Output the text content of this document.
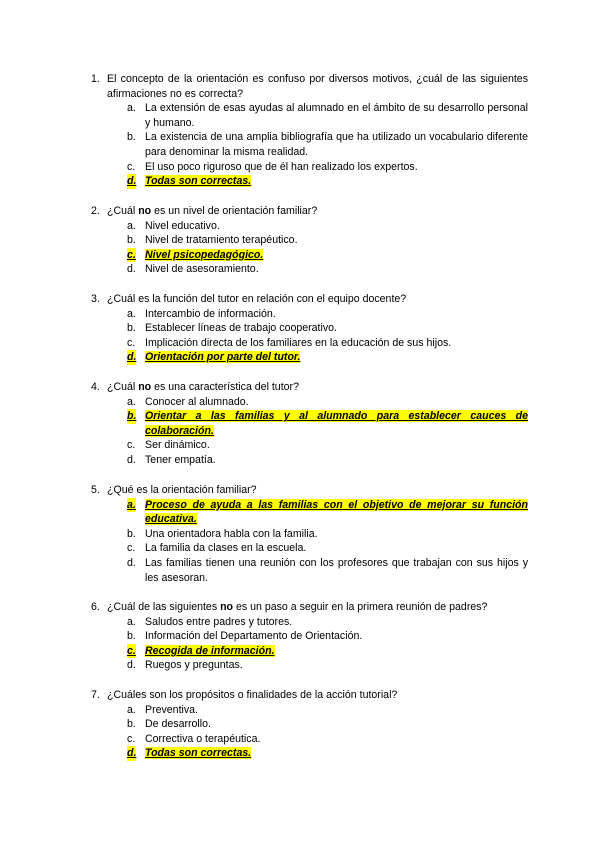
1. El concepto de la orientación es confuso por diversos motivos, ¿cuál de las siguientes afirmaciones no es correcta?
a. La extensión de esas ayudas al alumnado en el ámbito de su desarrollo personal y humano.
b. La existencia de una amplia bibliografía que ha utilizado un vocabulario diferente para denominar la misma realidad.
c. El uso poco riguroso que de él han realizado los expertos.
d. Todas son correctas.
2. ¿Cuál no es un nivel de orientación familiar?
a. Nivel educativo.
b. Nivel de tratamiento terapéutico.
c. Nivel psicopedagógico.
d. Nivel de asesoramiento.
3. ¿Cuál es la función del tutor en relación con el equipo docente?
a. Intercambio de información.
b. Establecer líneas de trabajo cooperativo.
c. Implicación directa de los familiares en la educación de sus hijos.
d. Orientación por parte del tutor.
4. ¿Cuál no es una característica del tutor?
a. Conocer al alumnado.
b. Orientar a las familias y al alumnado para establecer cauces de colaboración.
c. Ser dinámico.
d. Tener empatía.
5. ¿Qué es la orientación familiar?
a. Proceso de ayuda a las familias con el objetivo de mejorar su función educativa.
b. Una orientadora habla con la familia.
c. La familia da clases en la escuela.
d. Las familias tienen una reunión con los profesores que trabajan con sus hijos y les asesoran.
6. ¿Cuál de las siguientes no es un paso a seguir en la primera reunión de padres?
a. Saludos entre padres y tutores.
b. Información del Departamento de Orientación.
c. Recogida de información.
d. Ruegos y preguntas.
7. ¿Cuáles son los propósitos o finalidades de la acción tutorial?
a. Preventiva.
b. De desarrollo.
c. Correctiva o terapéutica.
d. Todas son correctas.
